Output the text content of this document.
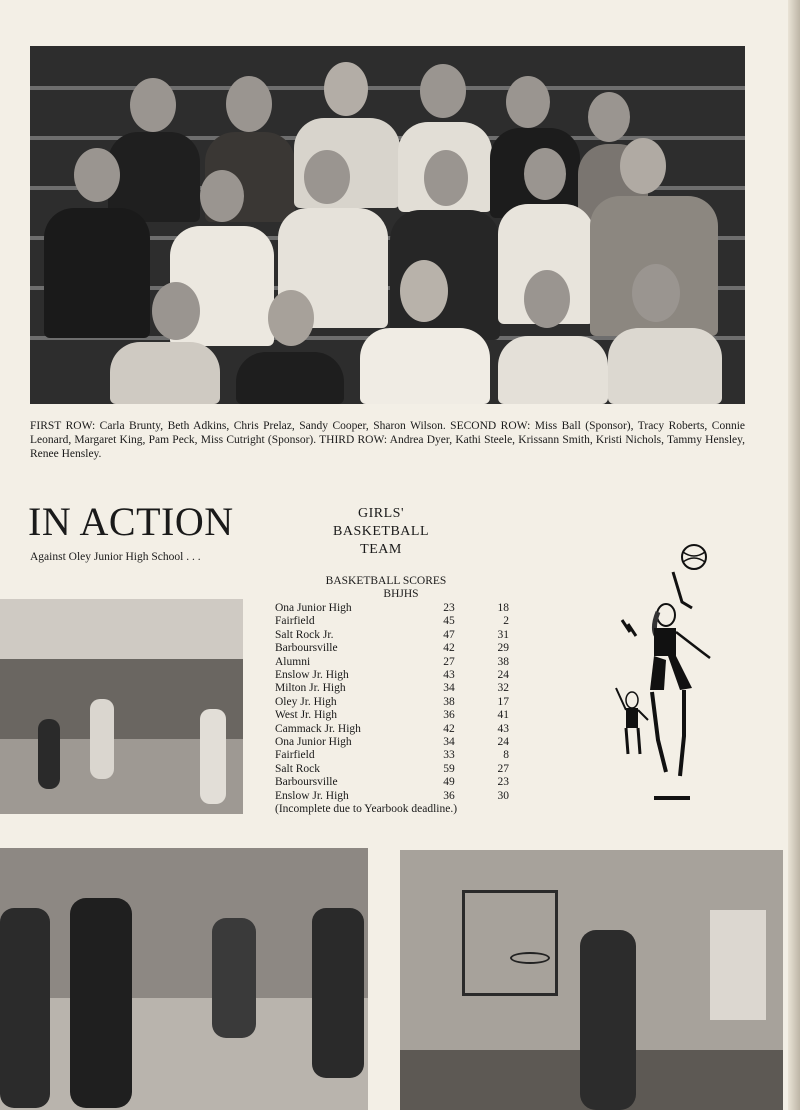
FIRST ROW: Carla Brunty, Beth Adkins, Chris Prelaz, Sandy Cooper, Sharon Wilson. SECOND ROW: Miss Ball (Sponsor), Tracy Roberts, Connie Leonard, Margaret King, Pam Peck, Miss Cutright (Sponsor). THIRD ROW: Andrea Dyer, Kathi Steele, Krissann Smith, Kristi Nichols, Tammy Hensley, Renee Hensley.
IN ACTION
Against Oley Junior High School . . .
GIRLS'
BASKETBALL
TEAM
BASKETBALL SCORES
BHJHS
Ona Junior High	23	18
Fairfield	45	2
Salt Rock Jr.	47	31
Barboursville	42	29
Alumni	27	38
Enslow Jr. High	43	24
Milton Jr. High	34	32
Oley Jr. High	38	17
West Jr. High	36	41
Cammack Jr. High	42	43
Ona Junior High	34	24
Fairfield	33	8
Salt Rock	59	27
Barboursville	49	23
Enslow Jr. High	36	30
(Incomplete due to Yearbook deadline.)
